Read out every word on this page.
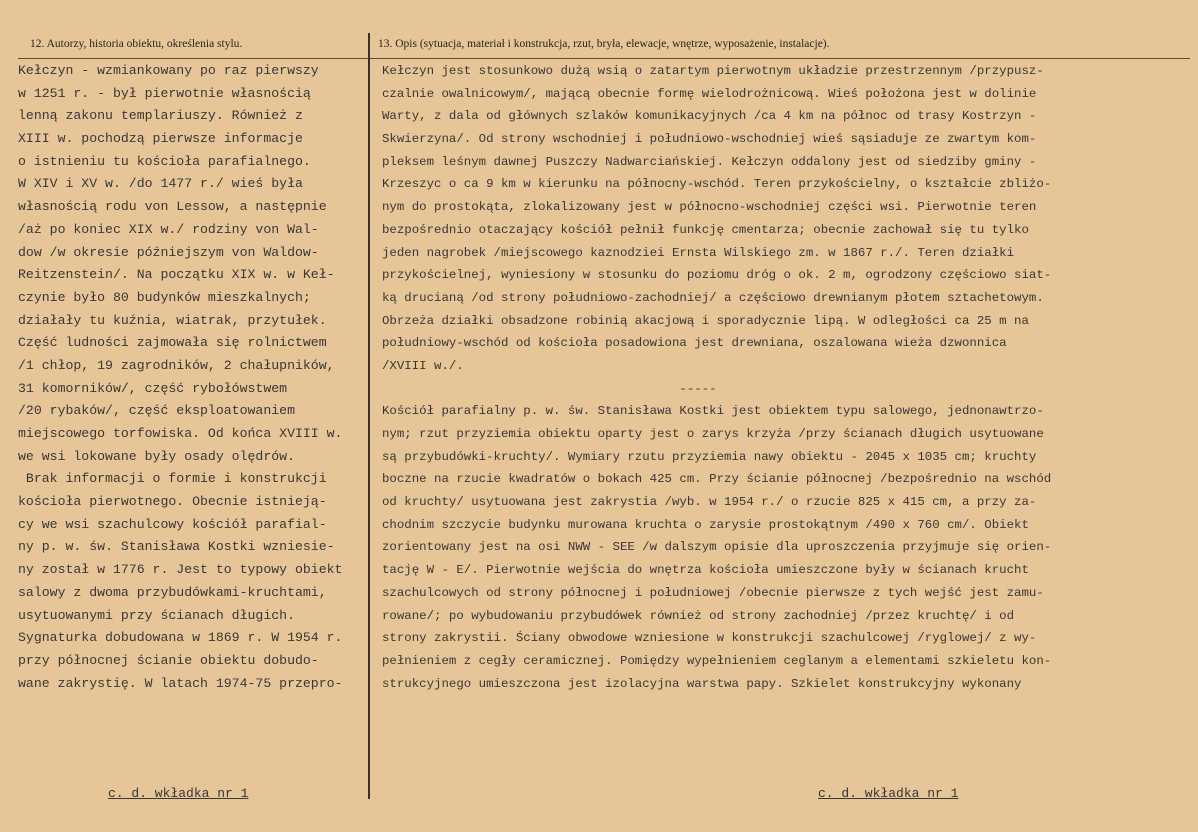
12. Autorzy, historia obiektu, określenia stylu.	13. Opis (sytuacja, materiał i konstrukcja, rzut, bryła, elewacje, wnętrze, wyposażenie, instalacje).
Kełczyn - wzmiankowany po raz pierwszy
w 1251 r. - był pierwotnie własnością
lenną zakonu templariuszy. Również z
XIII w. pochodzą pierwsze informacje
o istnieniu tu kościoła parafialnego.
W XIV i XV w. /do 1477 r./ wieś była
własnością rodu von Lessow, a następnie
/aż po koniec XIX w./ rodziny von Wal-
dow /w okresie późniejszym von Waldow-
Reitzenstein/. Na początku XIX w. w Keł-
czynie było 80 budynków mieszkalnych;
działały tu kuźnia, wiatrak, przytułek.
Część ludności zajmowała się rolnictwem
/1 chłop, 19 zagrodników, 2 chałupników,
31 komorników/, część rybołówstwem
/20 rybaków/, część eksploatowaniem
miejscowego torfowiska. Od końca XVIII w.
we wsi lokowane były osady olędrów.
Brak informacji o formie i konstrukcji
kościoła pierwotnego. Obecnie istnieją-
cy we wsi szachulcowy kościół parafial-
ny p. w. św. Stanisława Kostki wzniesie-
ny został w 1776 r. Jest to typowy obiekt
salowy z dwoma przybudówkami-kruchtami,
usytuowanymi przy ścianach długich.
Sygnaturka dobudowana w 1869 r. W 1954 r.
przy północnej ścianie obiektu dobudo-
wane zakrystię. W latach 1974-75 przepro-
Kełczyn jest stosunkowo dużą wsią o zatartym pierwotnym układzie przestrzennym /przypusz-
czalnie owalnicowym/, mającą obecnie formę wielodrożnicową. Wieś położona jest w dolinie
Warty, z dala od głównych szlaków komunikacyjnych /ca 4 km na północ od trasy Kostrzyn -
Skwierzyna/. Od strony wschodniej i południowo-wschodniej wieś sąsiaduje ze zwartym kom-
pleksem leśnym dawnej Puszczy Nadwarciańskiej. Kełczyn oddalony jest od siedziby gminy -
Krzeszyc o ca 9 km w kierunku na północny-wschód. Teren przykościelny, o kształcie zbliżo-
nym do prostokąta, zlokalizowany jest w północno-wschodniej części wsi. Pierwotnie teren
bezpośrednio otaczający kościół pełnił funkcję cmentarza; obecnie zachował się tu tylko
jeden nagrobek /miejscowego kaznodziei Ernsta Wilskiego zm. w 1867 r./. Teren działki
przykościelnej, wyniesiony w stosunku do poziomu dróg o ok. 2 m, ogrodzony częściowo siat-
ką drucianą /od strony południowo-zachodniej/ a częściowo drewnianym płotem sztachetowym.
Obrzeża działki obsadzone robinią akacjową i sporadycznie lipą. W odległości ca 25 m na
południowy-wschód od kościoła posadowiona jest drewniana, oszalowana wieża dzwonnica
/XVIII w./.
-----
Kościół parafialny p. w. św. Stanisława Kostki jest obiektem typu salowego, jednonawtrzo-
nym; rzut przyziemia obiektu oparty jest o zarys krzyża /przy ścianach długich usytuowane
są przybudówki-kruchty/. Wymiary rzutu przyziemia nawy obiektu - 2045 x 1035 cm; kruchty
boczne na rzucie kwadratów o bokach 425 cm. Przy ścianie północnej /bezpośrednio na wschód
od kruchty/ usytuowana jest zakrystia /wyb. w 1954 r./ o rzucie 825 x 415 cm, a przy za-
chodnim szczycie budynku murowana kruchta o zarysie prostokątnym /490 x 760 cm/. Obiekt
zorientowany jest na osi NWW - SEE /w dalszym opisie dla uproszczenia przyjmuje się orien-
tację W - E/. Pierwotnie wejścia do wnętrza kościoła umieszczone były w ścianach krucht
szachulcowych od strony północnej i południowej /obecnie pierwsze z tych wejść jest zamu-
rowane/; po wybudowaniu przybudówek również od strony zachodniej /przez kruchtę/ i od
strony zakrystii. Ściany obwodowe wzniesione w konstrukcji szachulcowej /ryglowej/ z wy-
pełnieniem z cegły ceramicznej. Pomiędzy wypełnieniem ceglanym a elementami szkieletu kon-
strukcyjnego umieszczona jest izolacyjna warstwa papy. Szkielet konstrukcyjny wykonany
c. d. wkładka nr 1	c. d. wkładka nr 1
